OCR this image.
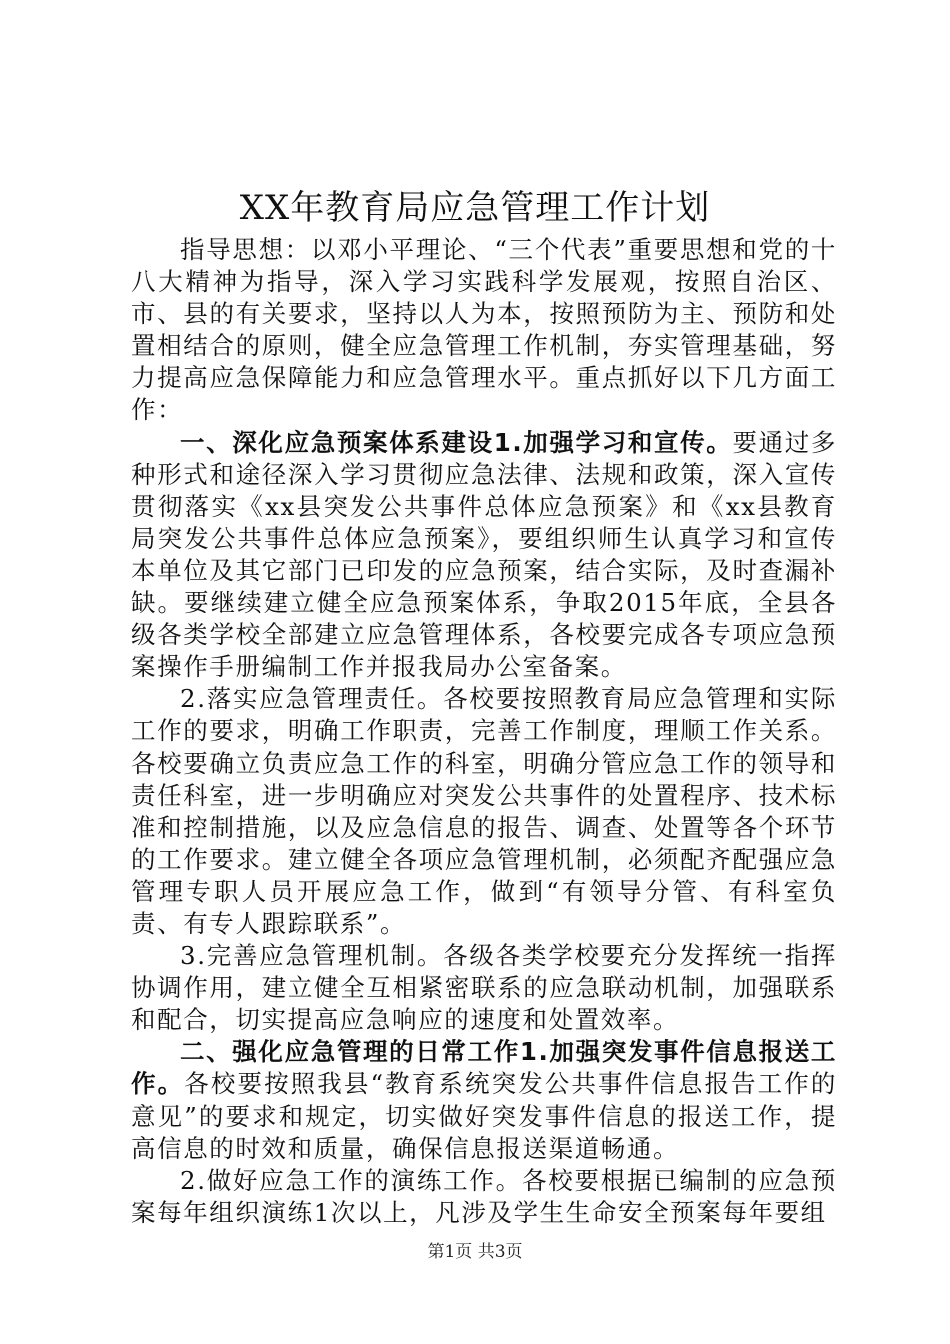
XX年教育局应急管理工作计划

指导思想：以邓小平理论、“三个代表”重要思想和党的十八大精神为指导，深入学习实践科学发展观，按照自治区、市、县的有关要求，坚持以人为本，按照预防为主、预防和处置相结合的原则，健全应急管理工作机制，夯实管理基础，努力提高应急保障能力和应急管理水平。重点抓好以下几方面工作：

一、深化应急预案体系建设1.加强学习和宣传。要通过多种形式和途径深入学习贯彻应急法律、法规和政策，深入宣传贯彻落实《xx县突发公共事件总体应急预案》和《xx县教育局突发公共事件总体应急预案》，要组织师生认真学习和宣传本单位及其它部门已印发的应急预案，结合实际，及时查漏补缺。要继续建立健全应急预案体系，争取2015年底，全县各级各类学校全部建立应急管理体系，各校要完成各专项应急预案操作手册编制工作并报我局办公室备案。

2.落实应急管理责任。各校要按照教育局应急管理和实际工作的要求，明确工作职责，完善工作制度，理顺工作关系。各校要确立负责应急工作的科室，明确分管应急工作的领导和责任科室，进一步明确应对突发公共事件的处置程序、技术标准和控制措施，以及应急信息的报告、调查、处置等各个环节的工作要求。建立健全各项应急管理机制，必须配齐配强应急管理专职人员开展应急工作，做到“有领导分管、有科室负责、有专人跟踪联系”。

3.完善应急管理机制。各级各类学校要充分发挥统一指挥协调作用，建立健全互相紧密联系的应急联动机制，加强联系和配合，切实提高应急响应的速度和处置效率。

二、强化应急管理的日常工作1.加强突发事件信息报送工作。各校要按照我县“教育系统突发公共事件信息报告工作的意见”的要求和规定，切实做好突发事件信息的报送工作，提高信息的时效和质量，确保信息报送渠道畅通。

2.做好应急工作的演练工作。各校要根据已编制的应急预案每年组织演练1次以上，凡涉及学生生命安全预案每年要组

第1页 共3页
